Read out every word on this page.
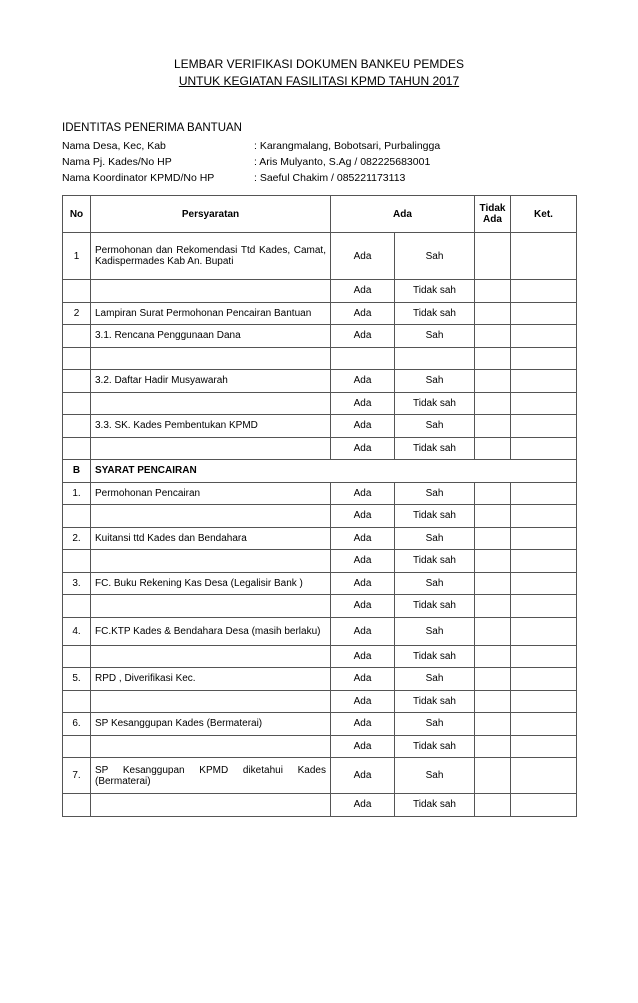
LEMBAR VERIFIKASI DOKUMEN BANKEU PEMDES
UNTUK KEGIATAN FASILITASI KPMD TAHUN 2017
IDENTITAS PENERIMA BANTUAN
Nama Desa, Kec, Kab	: Karangmalang, Bobotsari, Purbalingga
Nama Pj. Kades/No HP	: Aris Mulyanto, S.Ag / 082225683001
Nama Koordinator KPMD/No HP	: Saeful Chakim / 085221173113
No	Persyaratan	Ada		Tidak Ada	Ket.
1	Permohonan dan Rekomendasi Ttd Kades, Camat, Kadispermades Kab An. Bupati	Ada	Sah		
		Ada	Tidak sah		
2	Lampiran Surat Permohonan Pencairan Bantuan	Ada	Tidak sah		
	3.1. Rencana Penggunaan Dana	Ada	Sah		

	3.2. Daftar Hadir Musyawarah	Ada	Sah		
		Ada	Tidak sah		
	3.3. SK. Kades Pembentukan KPMD	Ada	Sah		
		Ada	Tidak sah		
B	SYARAT PENCAIRAN				
1.	Permohonan Pencairan	Ada	Sah		
		Ada	Tidak sah		
2.	Kuitansi ttd Kades dan Bendahara	Ada	Sah		
		Ada	Tidak sah		
3.	FC. Buku Rekening Kas Desa (Legalisir Bank )	Ada	Sah		
		Ada	Tidak sah		
4.	FC.KTP Kades & Bendahara Desa (masih berlaku)	Ada	Sah		
		Ada	Tidak sah		
5.	RPD , Diverifikasi Kec.	Ada	Sah		
		Ada	Tidak sah		
6.	SP Kesanggupan Kades (Bermaterai)	Ada	Sah		
		Ada	Tidak sah		
7.	SP Kesanggupan KPMD diketahui Kades (Bermaterai)	Ada	Sah		
		Ada	Tidak sah		
